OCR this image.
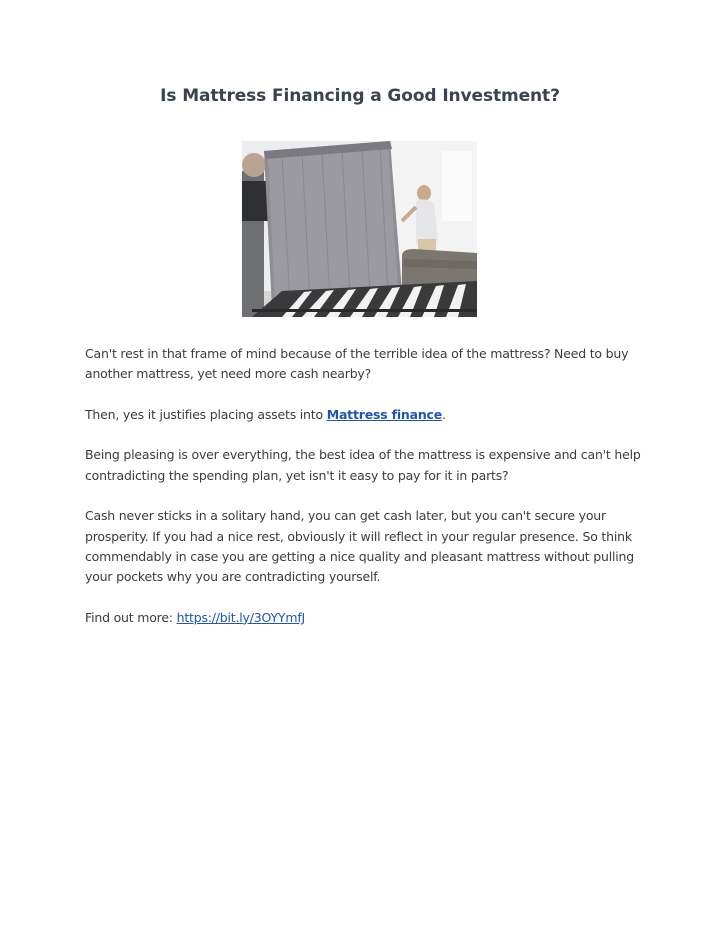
Is Mattress Financing a Good Investment?

Can't rest in that frame of mind because of the terrible idea of the mattress? Need to buy another mattress, yet need more cash nearby?

Then, yes it justifies placing assets into Mattress finance.

Being pleasing is over everything, the best idea of the mattress is expensive and can't help contradicting the spending plan, yet isn't it easy to pay for it in parts?

Cash never sticks in a solitary hand, you can get cash later, but you can't secure your prosperity. If you had a nice rest, obviously it will reflect in your regular presence. So think commendably in case you are getting a nice quality and pleasant mattress without pulling your pockets why you are contradicting yourself.

Find out more: https://bit.ly/3OYYmfJ
